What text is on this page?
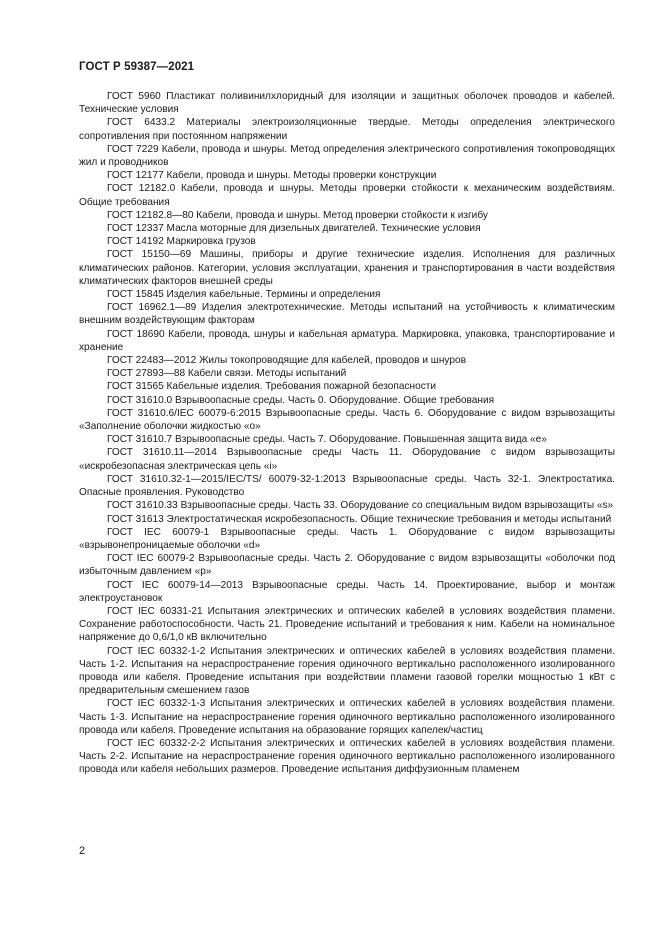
ГОСТ Р 59387—2021

ГОСТ 5960 Пластикат поливинилхлоридный для изоляции и защитных оболочек проводов и кабелей. Технические условия

ГОСТ 6433.2 Материалы электроизоляционные твердые. Методы определения электрического сопротивления при постоянном напряжении

ГОСТ 7229 Кабели, провода и шнуры. Метод определения электрического сопротивления токопроводящих жил и проводников

ГОСТ 12177 Кабели, провода и шнуры. Методы проверки конструкции

ГОСТ 12182.0 Кабели, провода и шнуры. Методы проверки стойкости к механическим воздействиям. Общие требования

ГОСТ 12182.8—80 Кабели, провода и шнуры. Метод проверки стойкости к изгибу

ГОСТ 12337 Масла моторные для дизельных двигателей. Технические условия

ГОСТ 14192 Маркировка грузов

ГОСТ 15150—69 Машины, приборы и другие технические изделия. Исполнения для различных климатических районов. Категории, условия эксплуатации, хранения и транспортирования в части воздействия климатических факторов внешней среды

ГОСТ 15845 Изделия кабельные. Термины и определения

ГОСТ 16962.1—89 Изделия электротехнические. Методы испытаний на устойчивость к климатическим внешним воздействующим факторам

ГОСТ 18690 Кабели, провода, шнуры и кабельная арматура. Маркировка, упаковка, транспортирование и хранение

ГОСТ 22483—2012 Жилы токопроводящие для кабелей, проводов и шнуров

ГОСТ 27893—88 Кабели связи. Методы испытаний

ГОСТ 31565 Кабельные изделия. Требования пожарной безопасности

ГОСТ 31610.0 Взрывоопасные среды. Часть 0. Оборудование. Общие требования

ГОСТ 31610.6/IEC 60079-6:2015 Взрывоопасные среды. Часть 6. Оборудование с видом взрывозащиты «Заполнение оболочки жидкостью «о»

ГОСТ 31610.7 Взрывоопасные среды. Часть 7. Оборудование. Повышенная защита вида «е»

ГОСТ 31610.11—2014 Взрывоопасные среды Часть 11. Оборудование с видом взрывозащиты «искробезопасная электрическая цепь «i»

ГОСТ 31610.32-1—2015/IEC/TS/ 60079-32-1:2013 Взрывоопасные среды. Часть 32-1. Электростатика. Опасные проявления. Руководство

ГОСТ 31610.33 Взрывоопасные среды. Часть 33. Оборудование со специальным видом взрывозащиты «s»

ГОСТ 31613 Электростатическая искробезопасность. Общие технические требования и методы испытаний

ГОСТ IEC 60079-1 Взрывоопасные среды. Часть 1. Оборудование с видом взрывозащиты «взрывонепроницаемые оболочки «d»

ГОСТ IEC 60079-2 Взрывоопасные среды. Часть 2. Оборудование с видом взрывозащиты «оболочки под избыточным давлением «p»

ГОСТ IEC 60079-14—2013 Взрывоопасные среды. Часть 14. Проектирование, выбор и монтаж электроустановок

ГОСТ IEC 60331-21 Испытания электрических и оптических кабелей в условиях воздействия пламени. Сохранение работоспособности. Часть 21. Проведение испытаний и требования к ним. Кабели на номинальное напряжение до 0,6/1,0 кВ включительно

ГОСТ IEC 60332-1-2 Испытания электрических и оптических кабелей в условиях воздействия пламени. Часть 1-2. Испытания на нераспространение горения одиночного вертикально расположенного изолированного провода или кабеля. Проведение испытания при воздействии пламени газовой горелки мощностью 1 кВт с предварительным смешением газов

ГОСТ IEC 60332-1-3 Испытания электрических и оптических кабелей в условиях воздействия пламени. Часть 1-3. Испытание на нераспространение горения одиночного вертикально расположенного изолированного провода или кабеля. Проведение испытания на образование горящих капелек/частиц

ГОСТ IEC 60332-2-2 Испытания электрических и оптических кабелей в условиях воздействия пламени. Часть 2-2. Испытание на нераспространение горения одиночного вертикально расположенного изолированного провода или кабеля небольших размеров. Проведение испытания диффузионным пламенем

2
